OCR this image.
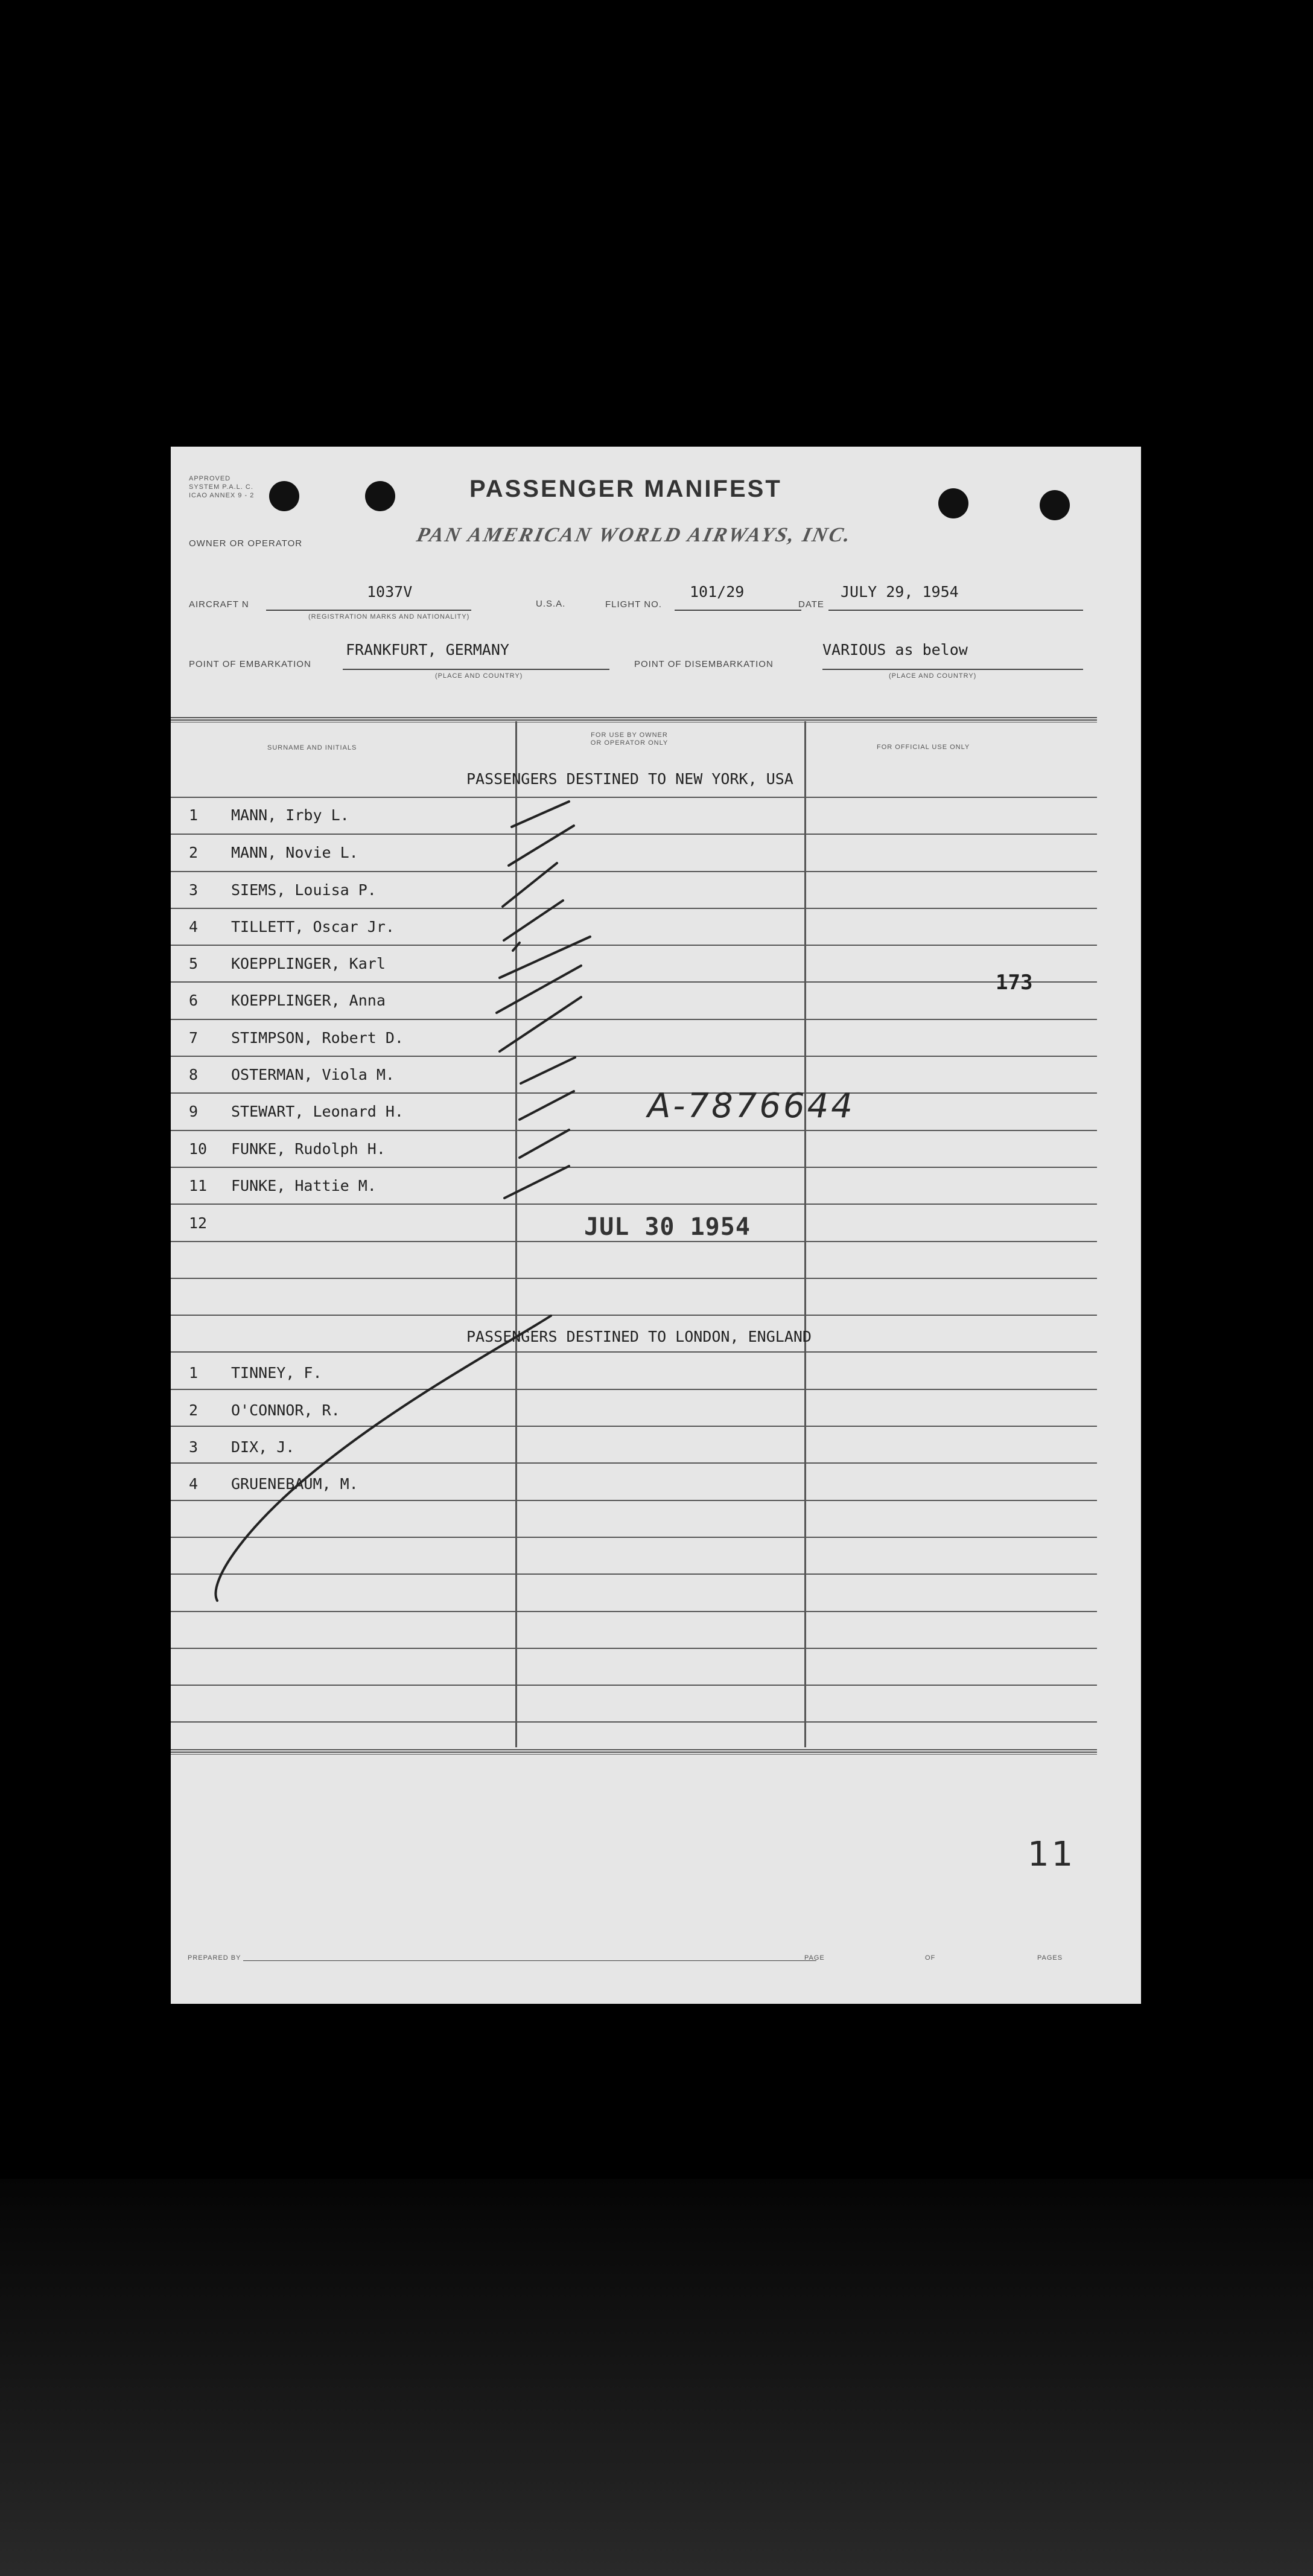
APPROVED
SYSTEM P.A.L. C.
ICAO ANNEX 9 - 2	PASSENGER MANIFEST
OWNER OR OPERATOR	PAN AMERICAN WORLD AIRWAYS, INC.
AIRCRAFT N
1037V
(REGISTRATION MARKS AND NATIONALITY)
U.S.A.	FLIGHT NO.
101/29
DATE
JULY 29, 1954
POINT OF EMBARKATION
FRANKFURT, GERMANY
(PLACE AND COUNTRY)
POINT OF DISEMBARKATION
VARIOUS as below
(PLACE AND COUNTRY)
SURNAME AND INITIALS
FOR USE BY OWNER OR OPERATOR ONLY
FOR OFFICIAL USE ONLY
PASSENGERS DESTINED TO NEW YORK, USA
1 MANN, Irby L.
2 MANN, Novie L.
3 SIEMS, Louisa P.
4 TILLETT, Oscar Jr.
5 KOEPPLINGER, Karl
6 KOEPPLINGER, Anna
7 STIMPSON, Robert D.
8 OSTERMAN, Viola M.
9 STEWART, Leonard H.
10 FUNKE, Rudolph H.
11 FUNKE, Hattie M.
12
PASSENGERS DESTINED TO LONDON, ENGLAND
1 TINNEY, F.
2 O'CONNOR, R.
3 DIX, J.
4 GRUENEBAUM, M.
173
A-7876644
JUL 30 1954
11
PREPARED BY	PAGE	OF	PAGES
